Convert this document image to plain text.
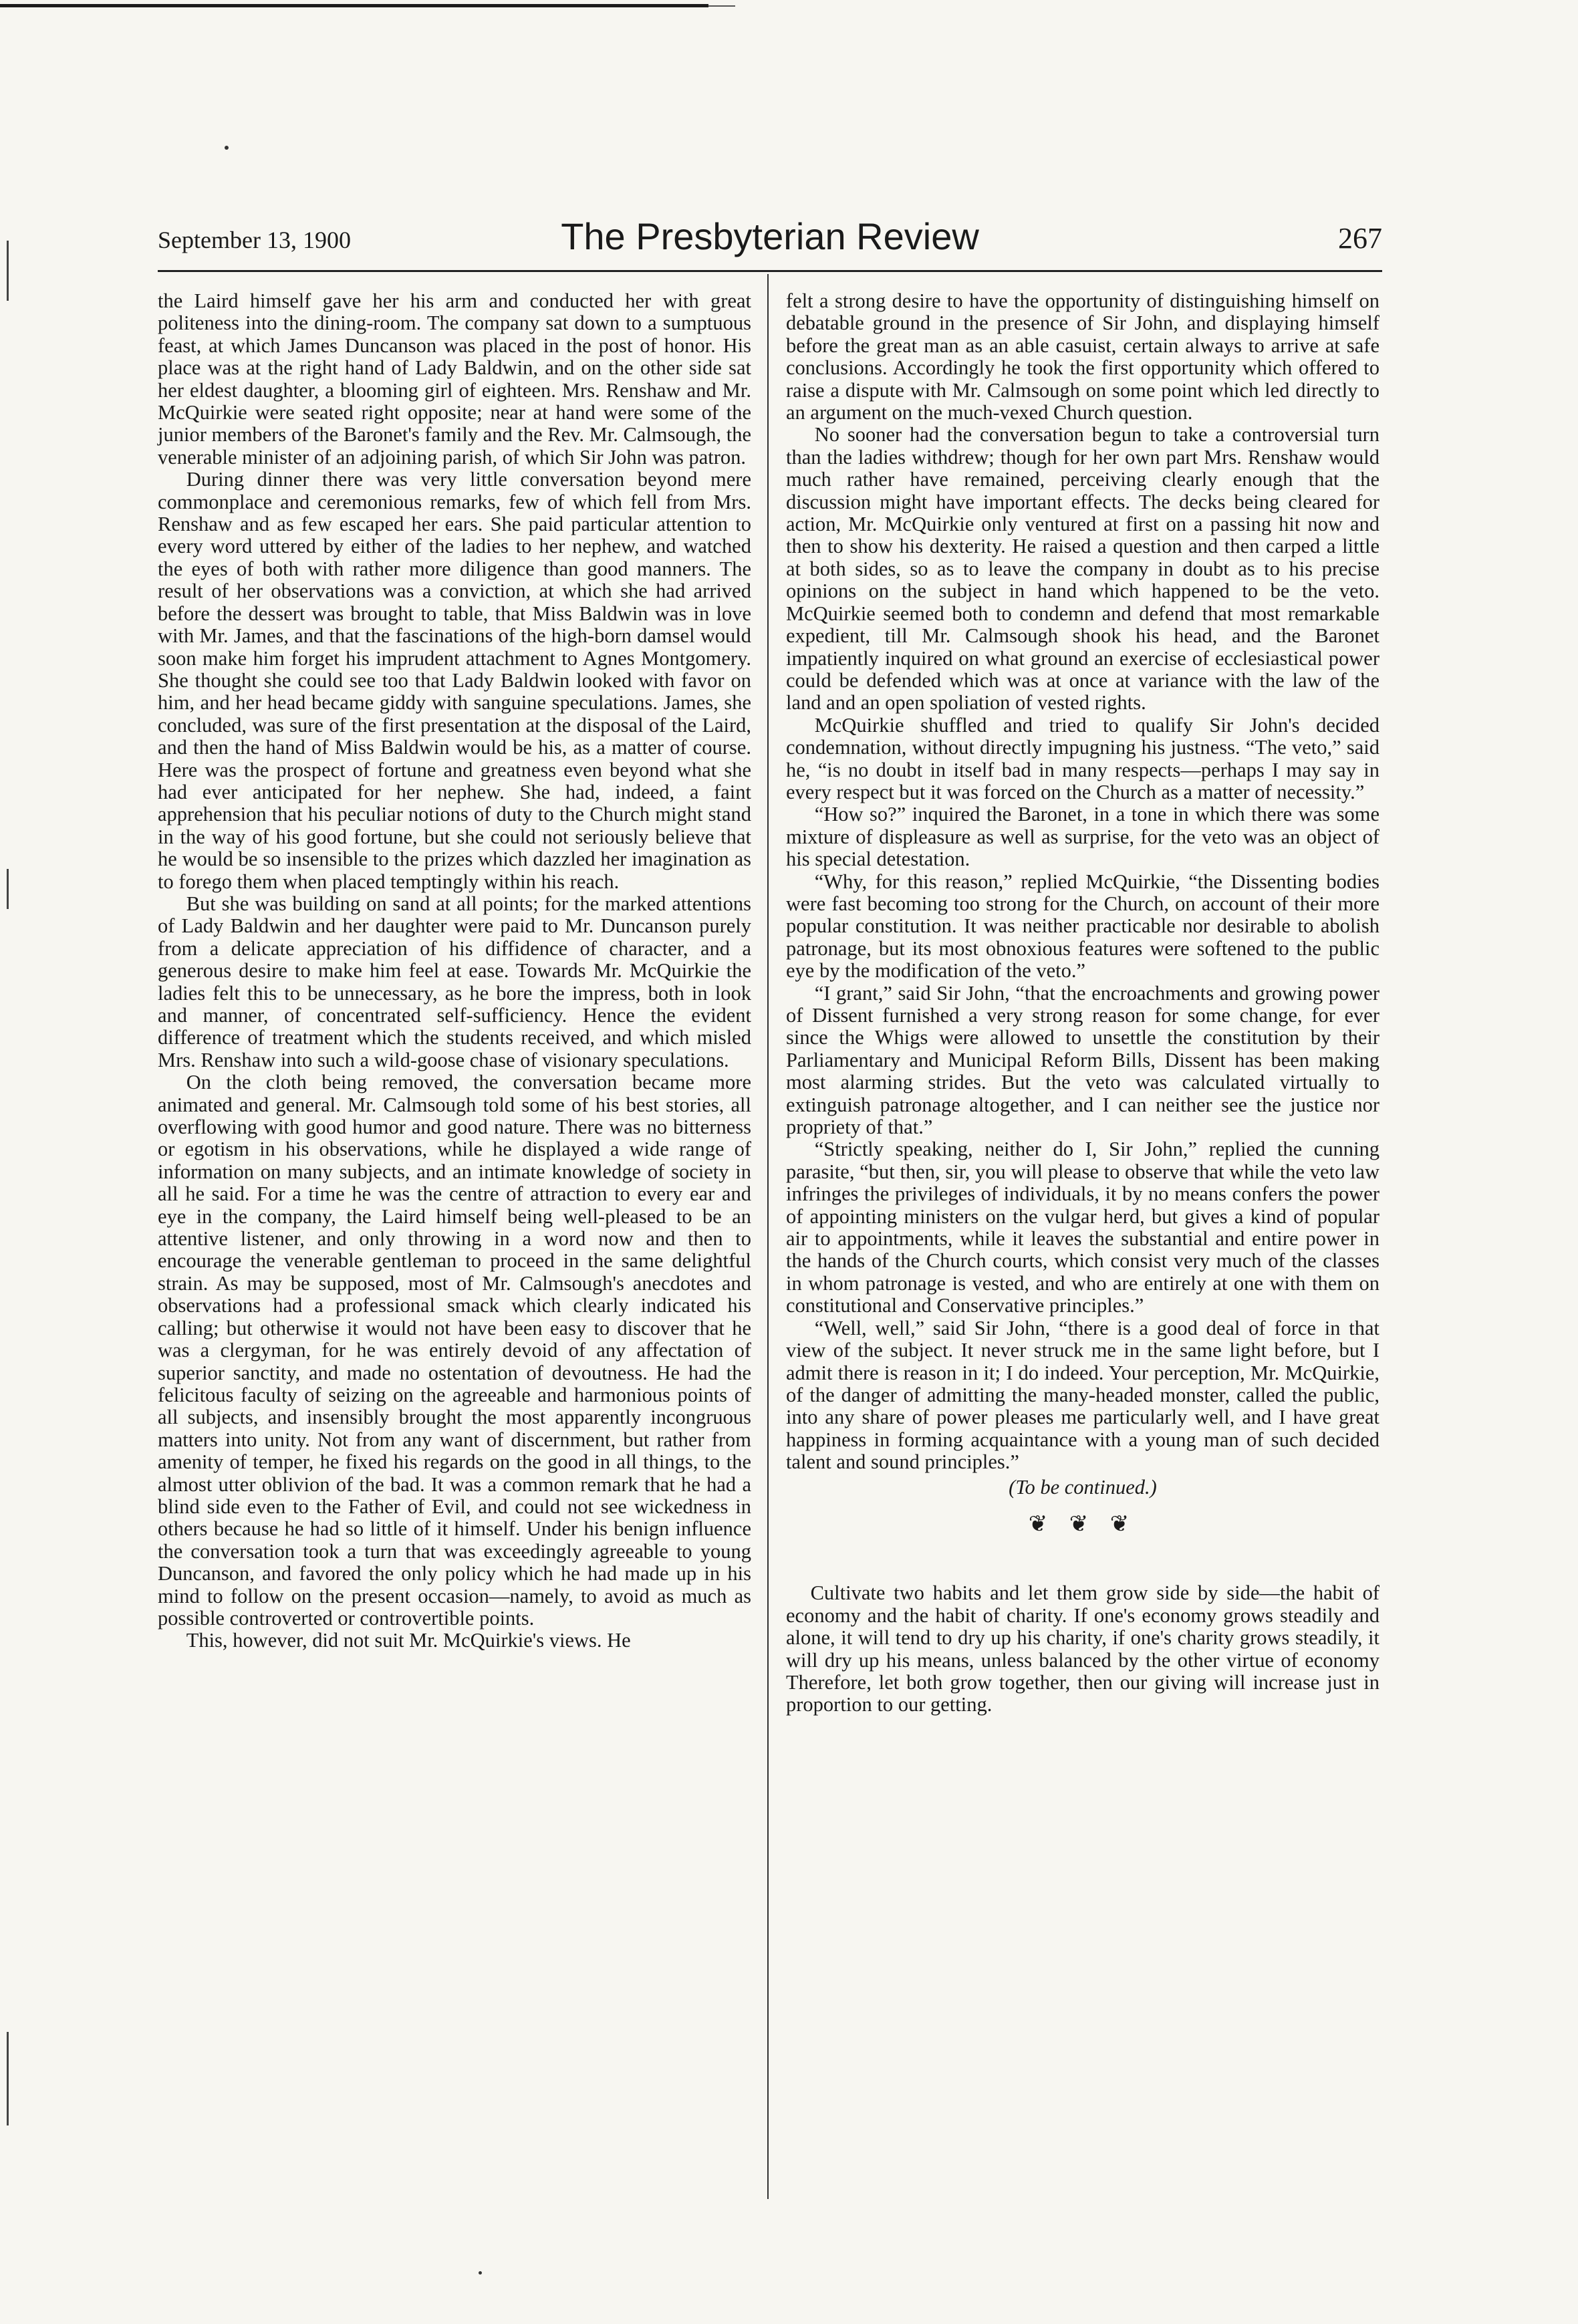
September 13, 1900	The Presbyterian Review	267

the Laird himself gave her his arm and conducted her with great politeness into the dining-room. The company sat down to a sumptuous feast, at which James Duncanson was placed in the post of honor. His place was at the right hand of Lady Baldwin, and on the other side sat her eldest daughter, a blooming girl of eighteen. Mrs. Renshaw and Mr. McQuirkie were seated right opposite; near at hand were some of the junior members of the Baronet's family and the Rev. Mr. Calmsough, the venerable minister of an adjoining parish, of which Sir John was patron.

During dinner there was very little conversation beyond mere commonplace and ceremonious remarks, few of which fell from Mrs. Renshaw and as few escaped her ears. She paid particular attention to every word uttered by either of the ladies to her nephew, and watched the eyes of both with rather more diligence than good manners. The result of her observations was a conviction, at which she had arrived before the dessert was brought to table, that Miss Baldwin was in love with Mr. James, and that the fascinations of the high-born damsel would soon make him forget his imprudent attachment to Agnes Montgomery. She thought she could see too that Lady Baldwin looked with favor on him, and her head became giddy with sanguine speculations. James, she concluded, was sure of the first presentation at the disposal of the Laird, and then the hand of Miss Baldwin would be his, as a matter of course. Here was the prospect of fortune and greatness even beyond what she had ever anticipated for her nephew. She had, indeed, a faint apprehension that his peculiar notions of duty to the Church might stand in the way of his good fortune, but she could not seriously believe that he would be so insensible to the prizes which dazzled her imagination as to forego them when placed temptingly within his reach.

But she was building on sand at all points; for the marked attentions of Lady Baldwin and her daughter were paid to Mr. Duncanson purely from a delicate appreciation of his diffidence of character, and a generous desire to make him feel at ease. Towards Mr. McQuirkie the ladies felt this to be unnecessary, as he bore the impress, both in look and manner, of concentrated self-sufficiency. Hence the evident difference of treatment which the students received, and which misled Mrs. Renshaw into such a wild-goose chase of visionary speculations.

On the cloth being removed, the conversation became more animated and general. Mr. Calmsough told some of his best stories, all overflowing with good humor and good nature. There was no bitterness or egotism in his observations, while he displayed a wide range of information on many subjects, and an intimate knowledge of society in all he said. For a time he was the centre of attraction to every ear and eye in the company, the Laird himself being well-pleased to be an attentive listener, and only throwing in a word now and then to encourage the venerable gentleman to proceed in the same delightful strain. As may be supposed, most of Mr. Calmsough's anecdotes and observations had a professional smack which clearly indicated his calling; but otherwise it would not have been easy to discover that he was a clergyman, for he was entirely devoid of any affectation of superior sanctity, and made no ostentation of devoutness. He had the felicitous faculty of seizing on the agreeable and harmonious points of all subjects, and insensibly brought the most apparently incongruous matters into unity. Not from any want of discernment, but rather from amenity of temper, he fixed his regards on the good in all things, to the almost utter oblivion of the bad. It was a common remark that he had a blind side even to the Father of Evil, and could not see wickedness in others because he had so little of it himself. Under his benign influence the conversation took a turn that was exceedingly agreeable to young Duncanson, and favored the only policy which he had made up in his mind to follow on the present occasion—namely, to avoid as much as possible controverted or controvertible points.

This, however, did not suit Mr. McQuirkie's views. He

felt a strong desire to have the opportunity of distinguishing himself on debatable ground in the presence of Sir John, and displaying himself before the great man as an able casuist, certain always to arrive at safe conclusions. Accordingly he took the first opportunity which offered to raise a dispute with Mr. Calmsough on some point which led directly to an argument on the much-vexed Church question.

No sooner had the conversation begun to take a controversial turn than the ladies withdrew; though for her own part Mrs. Renshaw would much rather have remained, perceiving clearly enough that the discussion might have important effects. The decks being cleared for action, Mr. McQuirkie only ventured at first on a passing hit now and then to show his dexterity. He raised a question and then carped a little at both sides, so as to leave the company in doubt as to his precise opinions on the subject in hand which happened to be the veto. McQuirkie seemed both to condemn and defend that most remarkable expedient, till Mr. Calmsough shook his head, and the Baronet impatiently inquired on what ground an exercise of ecclesiastical power could be defended which was at once at variance with the law of the land and an open spoliation of vested rights.

McQuirkie shuffled and tried to qualify Sir John's decided condemnation, without directly impugning his justness. “The veto,” said he, “is no doubt in itself bad in many respects—perhaps I may say in every respect but it was forced on the Church as a matter of necessity.”

“How so?” inquired the Baronet, in a tone in which there was some mixture of displeasure as well as surprise, for the veto was an object of his special detestation.

“Why, for this reason,” replied McQuirkie, “the Dissenting bodies were fast becoming too strong for the Church, on account of their more popular constitution. It was neither practicable nor desirable to abolish patronage, but its most obnoxious features were softened to the public eye by the modification of the veto.”

“I grant,” said Sir John, “that the encroachments and growing power of Dissent furnished a very strong reason for some change, for ever since the Whigs were allowed to unsettle the constitution by their Parliamentary and Municipal Reform Bills, Dissent has been making most alarming strides. But the veto was calculated virtually to extinguish patronage altogether, and I can neither see the justice nor propriety of that.”

“Strictly speaking, neither do I, Sir John,” replied the cunning parasite, “but then, sir, you will please to observe that while the veto law infringes the privileges of individuals, it by no means confers the power of appointing ministers on the vulgar herd, but gives a kind of popular air to appointments, while it leaves the substantial and entire power in the hands of the Church courts, which consist very much of the classes in whom patronage is vested, and who are entirely at one with them on constitutional and Conservative principles.”

“Well, well,” said Sir John, “there is a good deal of force in that view of the subject. It never struck me in the same light before, but I admit there is reason in it; I do indeed. Your perception, Mr. McQuirkie, of the danger of admitting the many-headed monster, called the public, into any share of power pleases me particularly well, and I have great happiness in forming acquaintance with a young man of such decided talent and sound principles.”

(To be continued.)

❦ ❦ ❦

Cultivate two habits and let them grow side by side—the habit of economy and the habit of charity. If one's economy grows steadily and alone, it will tend to dry up his charity, if one's charity grows steadily, it will dry up his means, unless balanced by the other virtue of economy Therefore, let both grow together, then our giving will increase just in proportion to our getting.
